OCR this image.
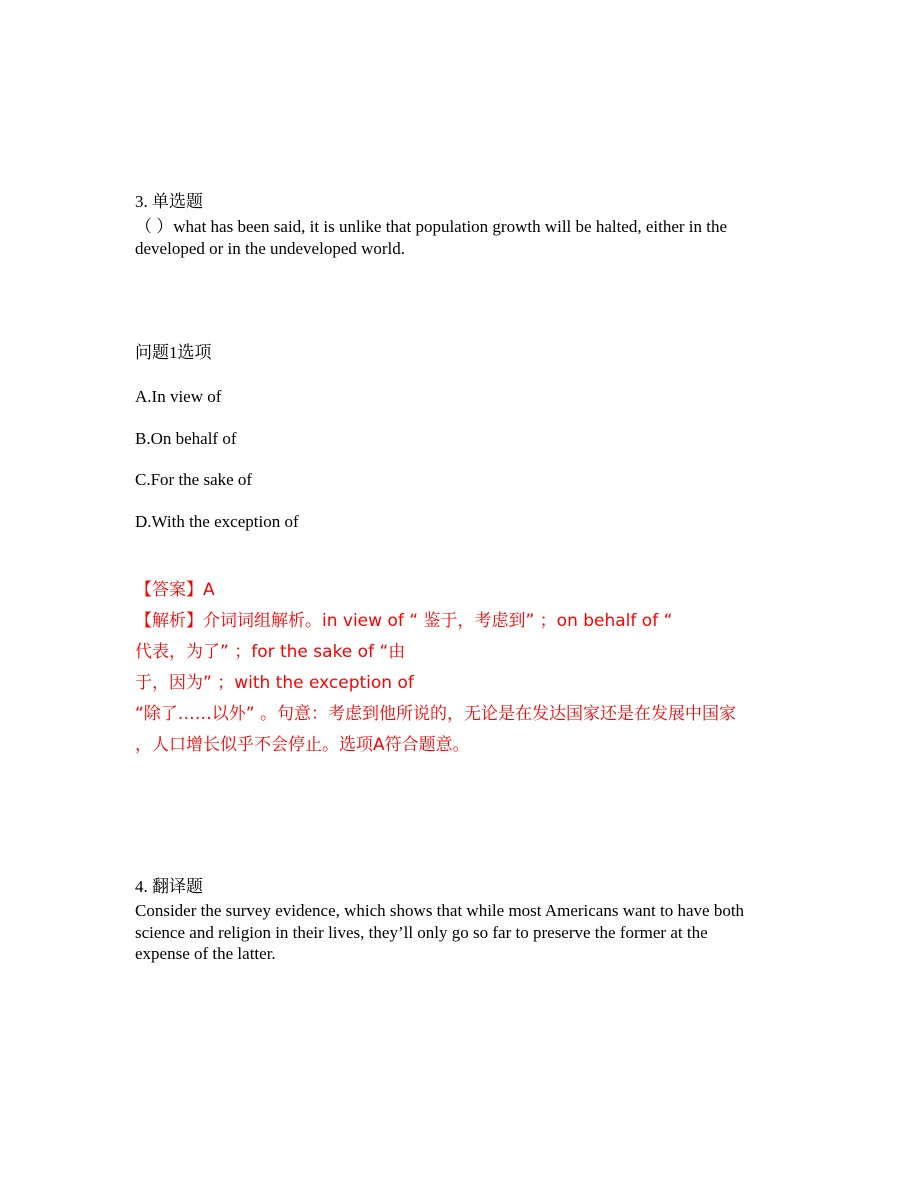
3. 单选题
（ ）what has been said, it is unlike that population growth will be halted, either in the
developed or in the undeveloped world.
问题1选项
A.In view of
B.On behalf of
C.For the sake of
D.With the exception of
【答案】A
【解析】介词词组解析。in view of “ 鉴于，考虑到” ；on behalf of “
代表，为了” ；for the sake of “由
于，因为” ；with the exception of
“除了……以外” 。句意：考虑到他所说的，无论是在发达国家还是在发展中国家
，人口增长似乎不会停止。选项A符合题意。
4. 翻译题
Consider the survey evidence, which shows that while most Americans want to have both
science and religion in their lives, they’ll only go so far to preserve the former at the
expense of the latter.
